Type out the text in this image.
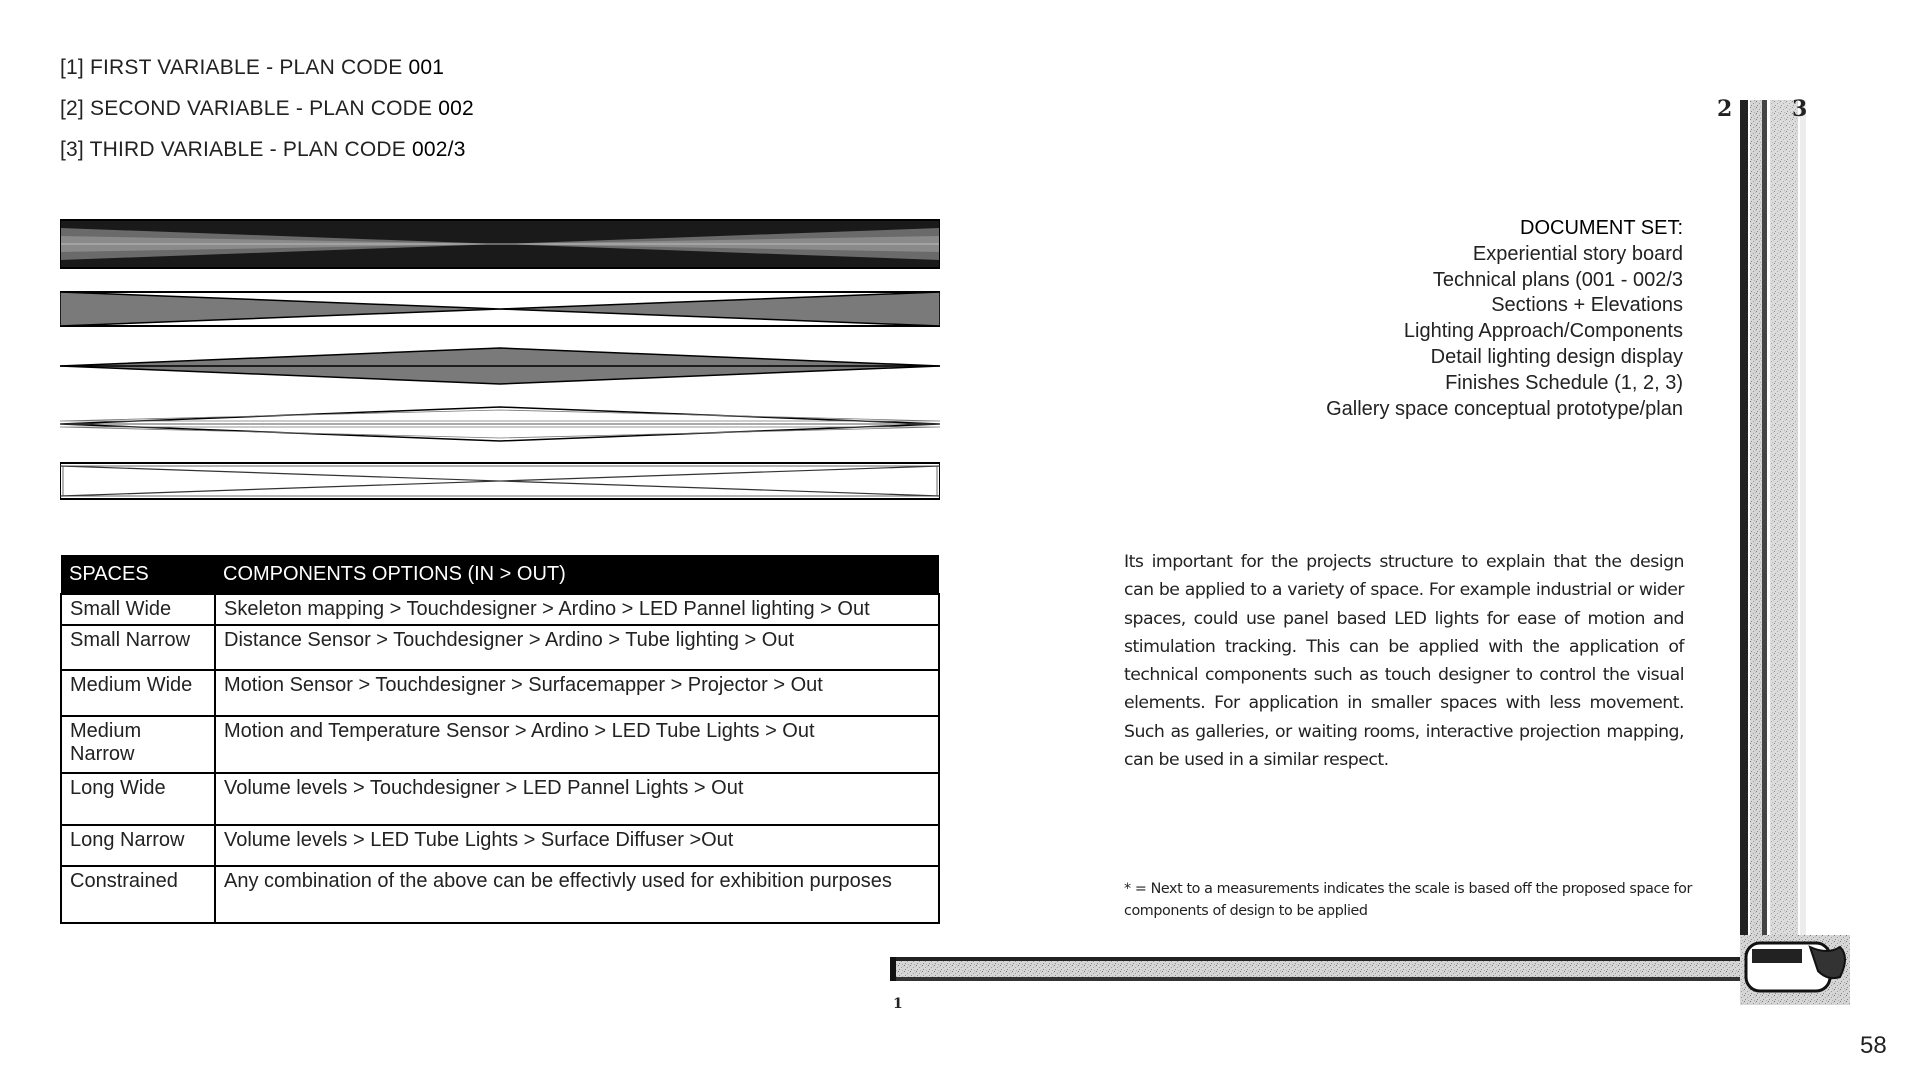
[1] FIRST VARIABLE - PLAN CODE 001
[2] SECOND VARIABLE - PLAN CODE 002
[3] THIRD VARIABLE - PLAN CODE 002/3
SPACES	COMPONENTS OPTIONS (IN > OUT)
Small Wide	Skeleton mapping > Touchdesigner > Ardino > LED Pannel lighting > Out
Small Narrow	Distance Sensor > Touchdesigner > Ardino > Tube lighting > Out
Medium Wide	Motion Sensor > Touchdesigner > Surfacemapper > Projector > Out
Medium Narrow	Motion and Temperature Sensor > Ardino > LED Tube Lights > Out
Long Wide	Volume levels > Touchdesigner > LED Pannel Lights > Out
Long Narrow	Volume levels > LED Tube Lights > Surface Diffuser >Out
Constrained	Any combination of the above can be effectivly used for exhibition purposes
DOCUMENT SET:
Experiential story board
Technical plans (001 - 002/3
Sections + Elevations
Lighting Approach/Components
Detail lighting design display
Finishes Schedule (1, 2, 3)
Gallery space conceptual prototype/plan
Its important for the projects structure to explain that the design can be applied to a variety of space. For example industrial or wider spaces, could use panel based LED lights for ease of motion and stimulation tracking. This can be applied with the application of technical components such as touch designer to control the visual elements. For application in smaller spaces with less movement. Such as galleries, or waiting rooms, interactive projection mapping, can be used in a similar respect.
* = Next to a measurements indicates the scale is based off the proposed space for components of design to be applied
2	3
1
58
